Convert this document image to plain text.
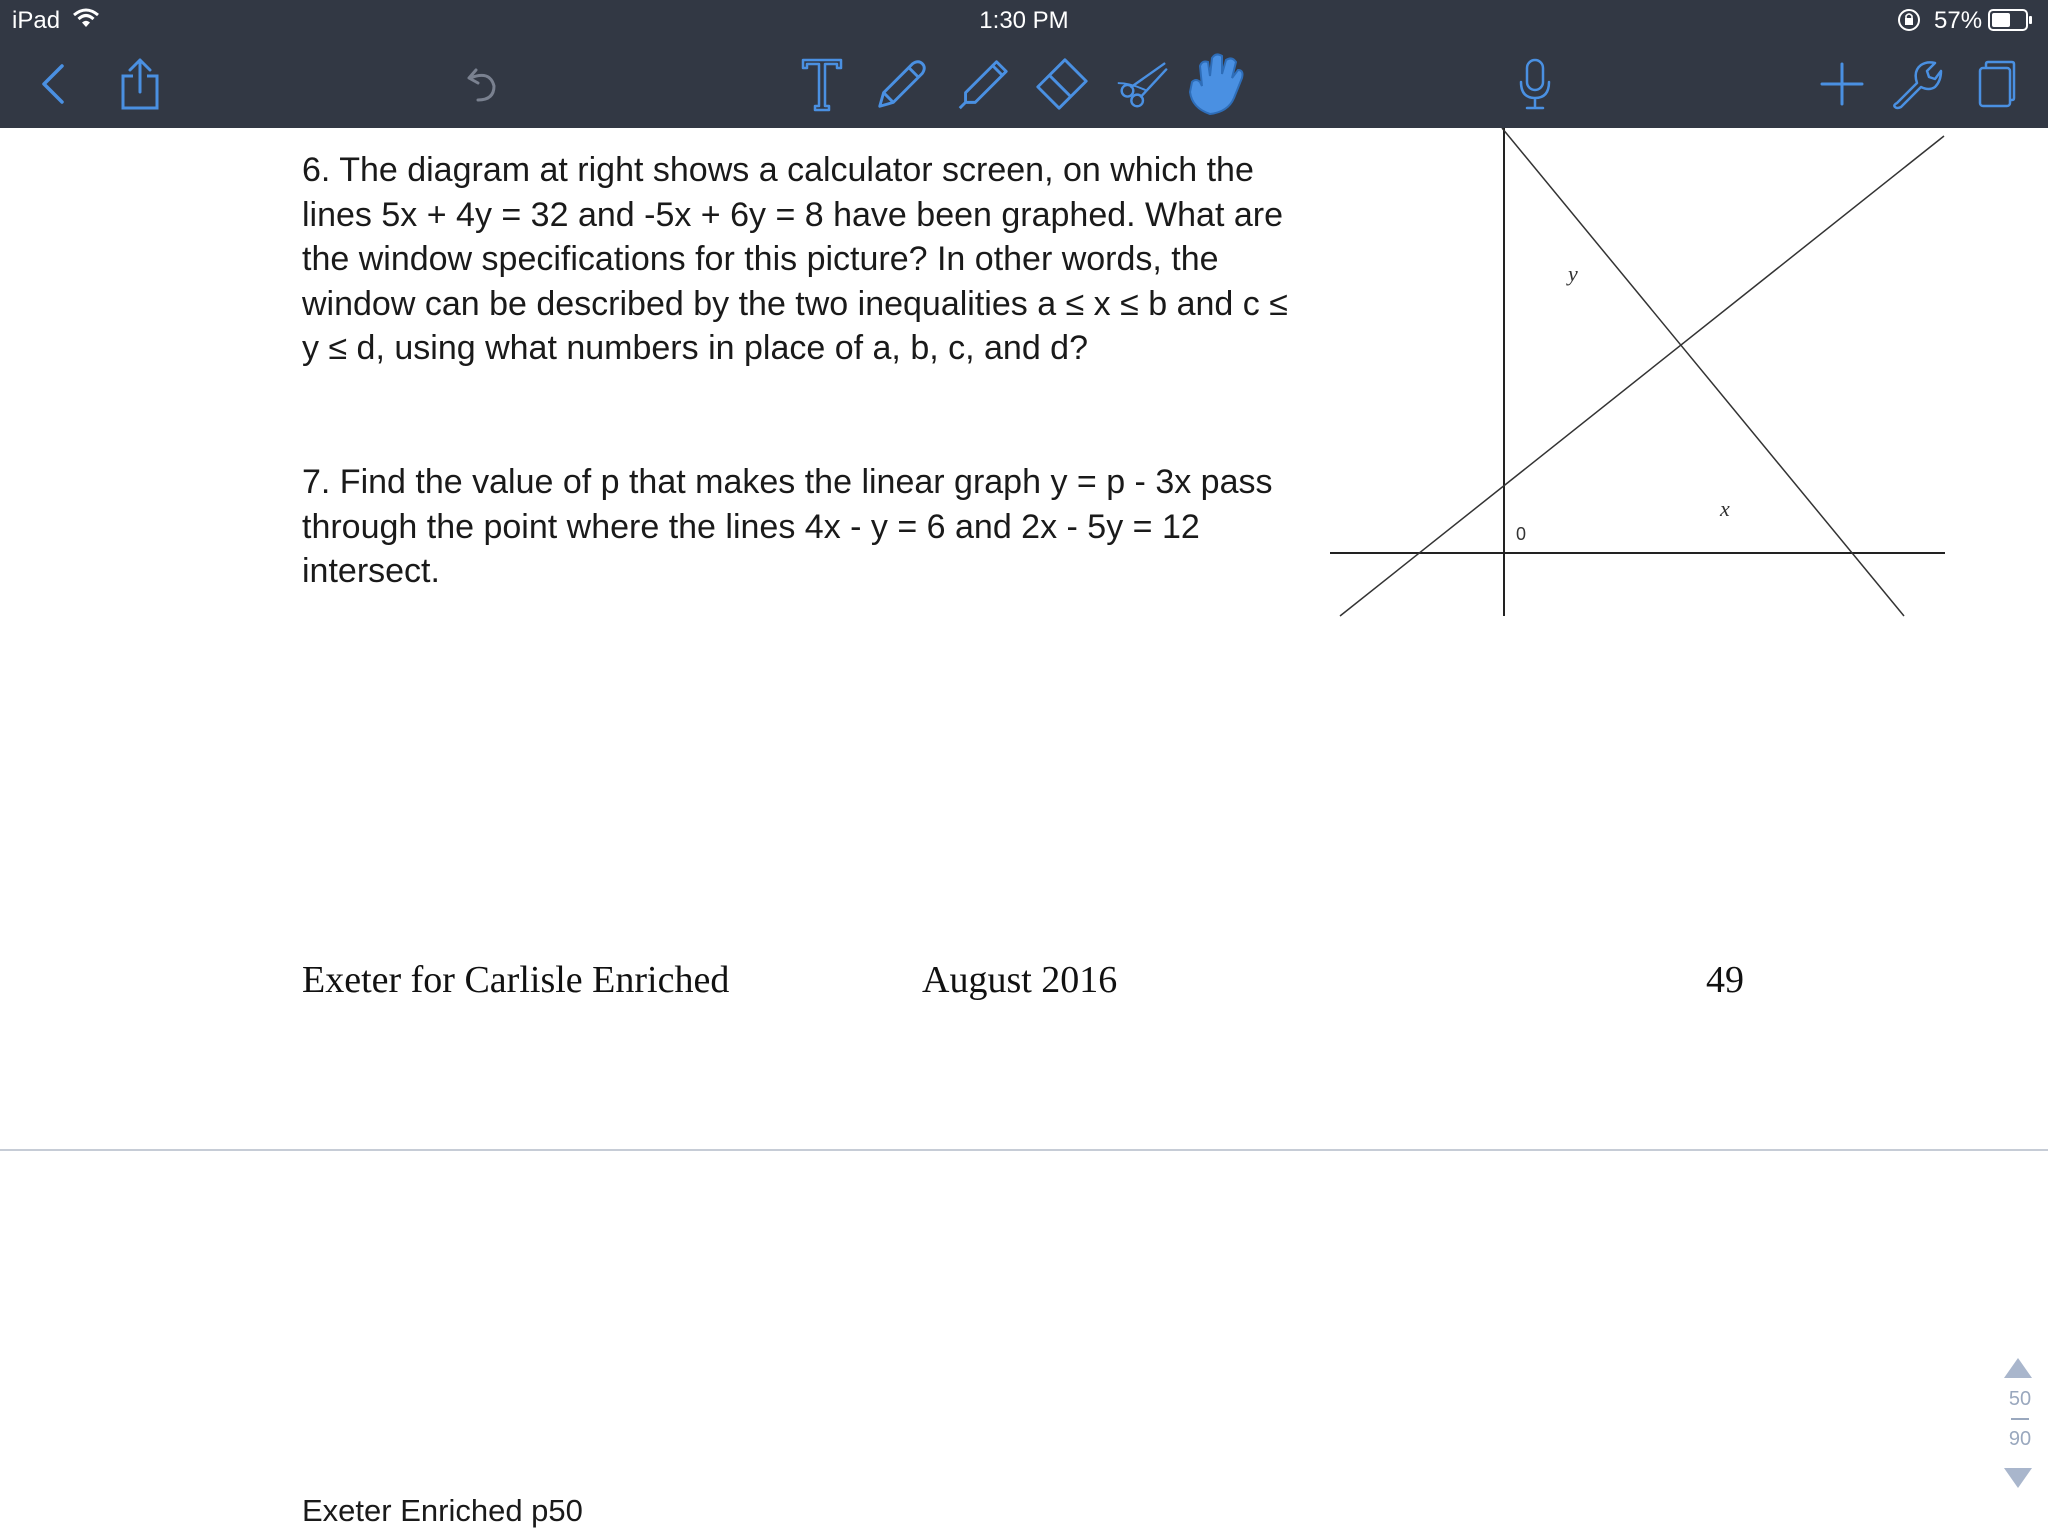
iPad	1:30 PM	57%

6. The diagram at right shows a calculator screen, on which the lines 5x + 4y = 32 and -5x + 6y = 8 have been graphed. What are the window specifications for this picture? In other words, the window can be described by the two inequalities a ≤ x ≤ b and c ≤ y ≤ d, using what numbers in place of a, b, c, and d?

7. Find the value of p that makes the linear graph y = p - 3x pass through the point where the lines 4x - y = 6 and 2x - 5y = 12 intersect.

y
x
0
Exeter for Carlisle Enriched	August 2016	49
Exeter Enriched p50
50
90
